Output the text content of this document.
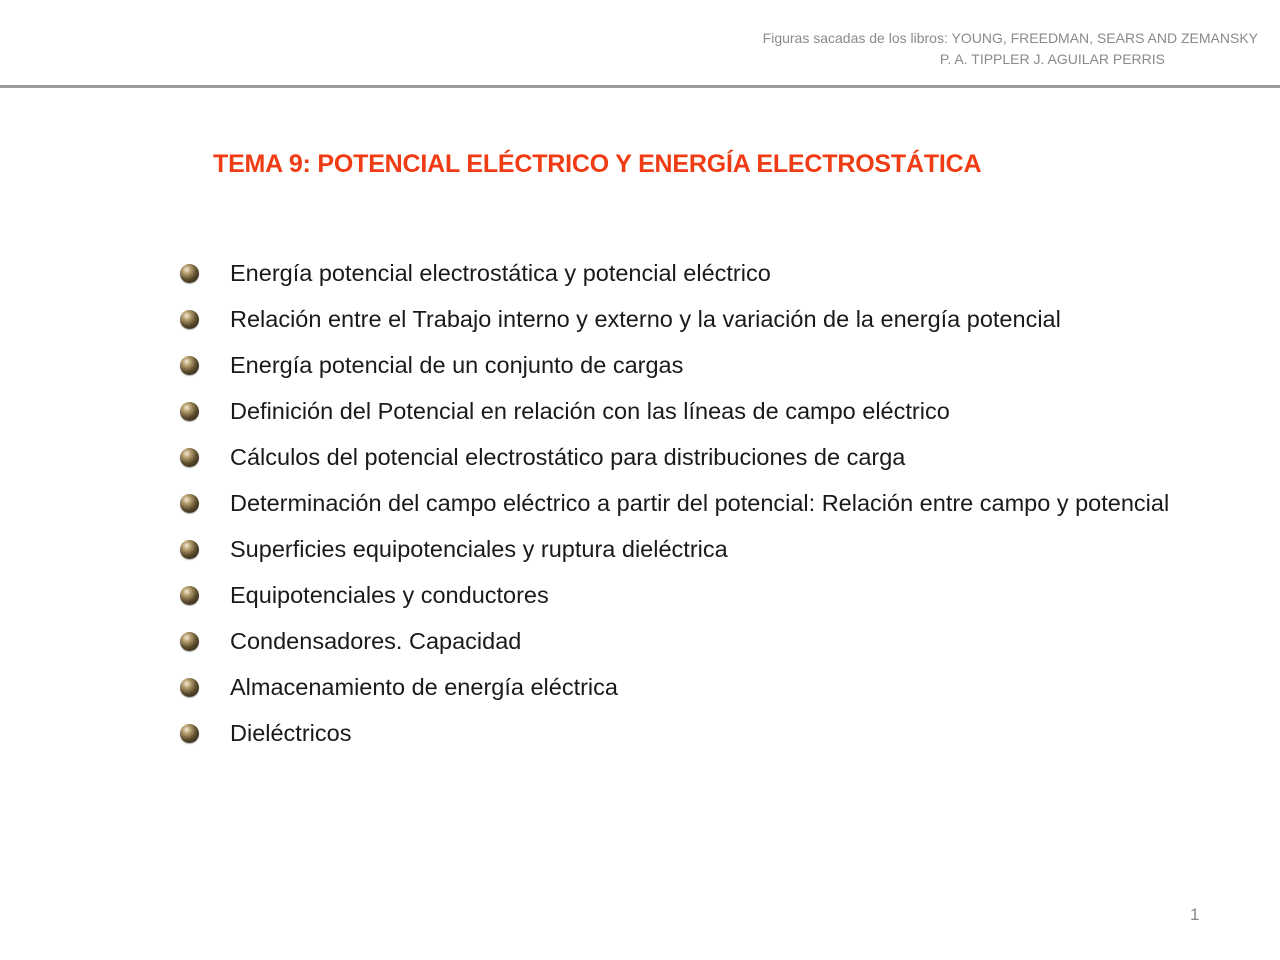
Figuras sacadas de los libros: YOUNG, FREEDMAN, SEARS AND ZEMANSKY
P. A. TIPPLER J. AGUILAR PERRIS
TEMA 9: POTENCIAL ELÉCTRICO Y ENERGÍA ELECTROSTÁTICA
Energía potencial electrostática y potencial eléctrico
Relación entre el Trabajo interno y externo y la variación de la energía potencial
Energía potencial de un conjunto de cargas
Definición del Potencial en relación con las líneas de campo eléctrico
Cálculos del potencial electrostático para distribuciones de carga
Determinación del campo eléctrico a partir del potencial: Relación entre campo y potencial
Superficies equipotenciales y ruptura dieléctrica
Equipotenciales y conductores
Condensadores. Capacidad
Almacenamiento de energía eléctrica
Dieléctricos
1
